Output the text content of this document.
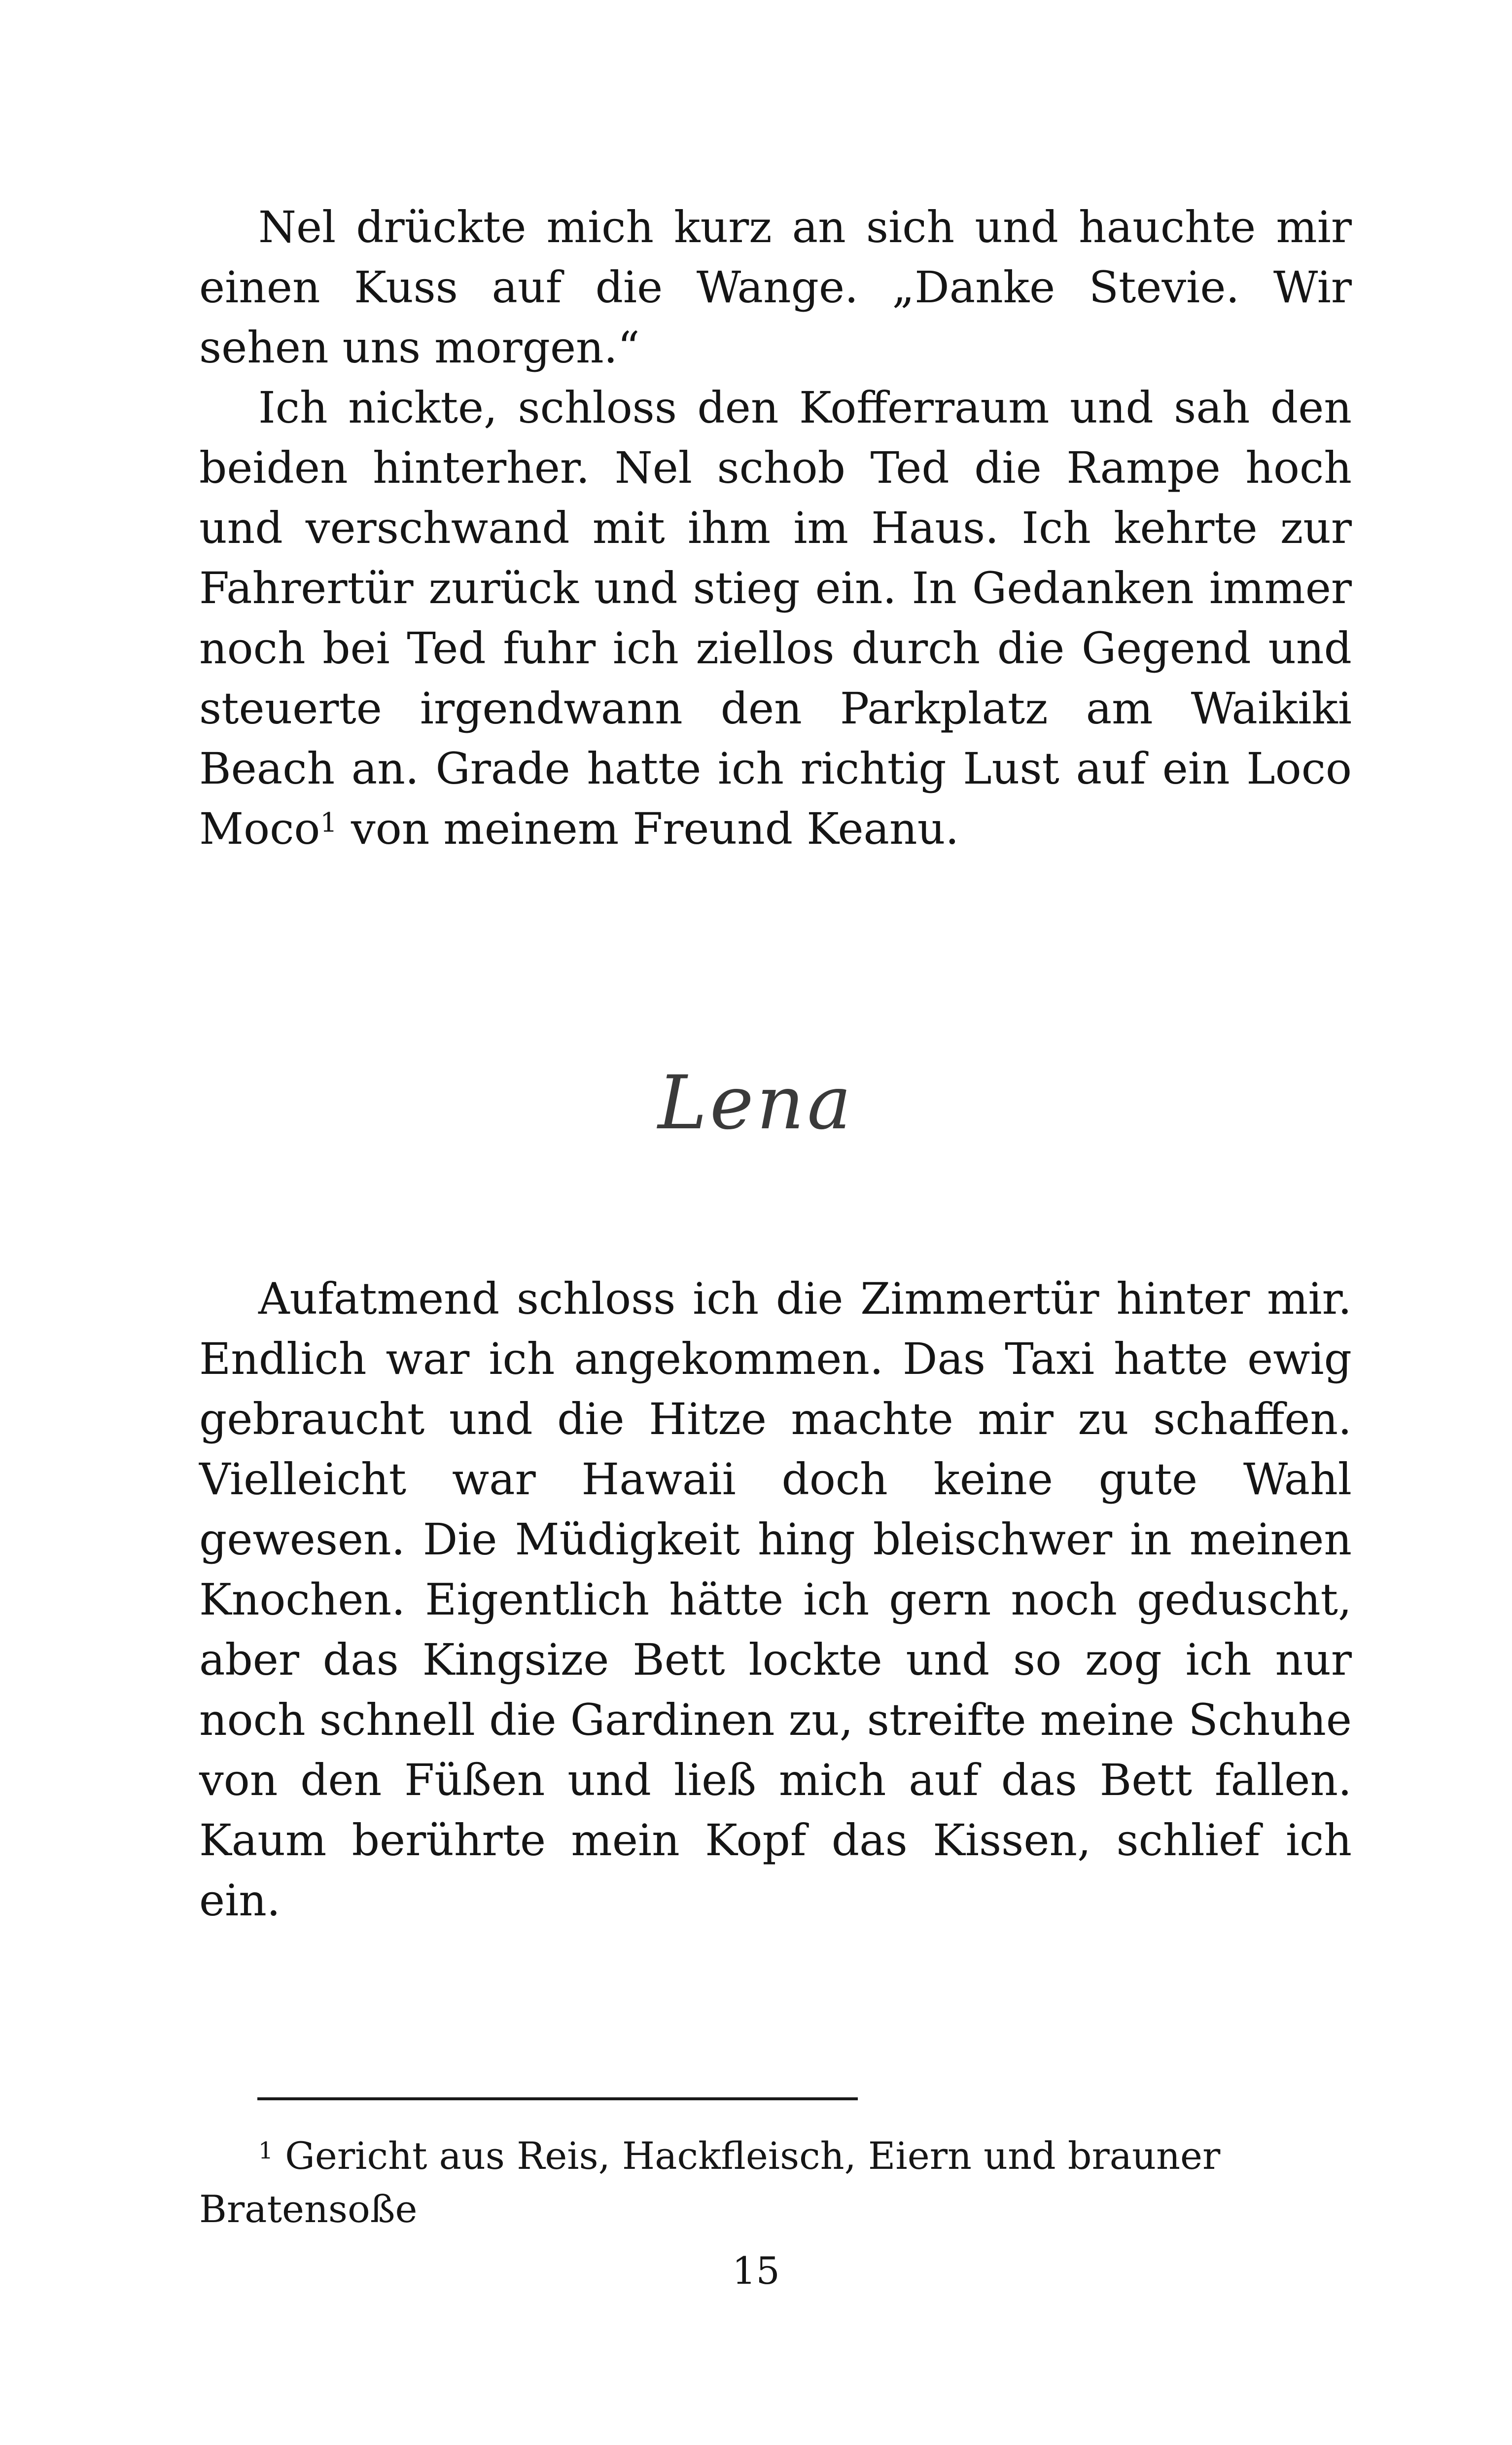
Nel drückte mich kurz an sich und hauchte mir einen Kuss auf die Wange. „Danke Stevie. Wir sehen uns morgen.“

Ich nickte, schloss den Kofferraum und sah den beiden hinterher. Nel schob Ted die Rampe hoch und verschwand mit ihm im Haus. Ich kehrte zur Fahrertür zurück und stieg ein. In Gedanken immer noch bei Ted fuhr ich ziellos durch die Gegend und steuerte irgendwann den Parkplatz am Waikiki Beach an. Grade hatte ich richtig Lust auf ein Loco Moco$^1$ von meinem Freund Keanu.

Lena

Aufatmend schloss ich die Zimmertür hinter mir. Endlich war ich angekommen. Das Taxi hatte ewig gebraucht und die Hitze machte mir zu schaffen. Vielleicht war Hawaii doch keine gute Wahl gewesen. Die Müdigkeit hing bleischwer in meinen Knochen. Eigentlich hätte ich gern noch geduscht, aber das Kingsize Bett lockte und so zog ich nur noch schnell die Gardinen zu, streifte meine Schuhe von den Füßen und ließ mich auf das Bett fallen. Kaum berührte mein Kopf das Kissen, schlief ich ein.

$^1$ Gericht aus Reis, Hackfleisch, Eiern und brauner Bratensoße

15
